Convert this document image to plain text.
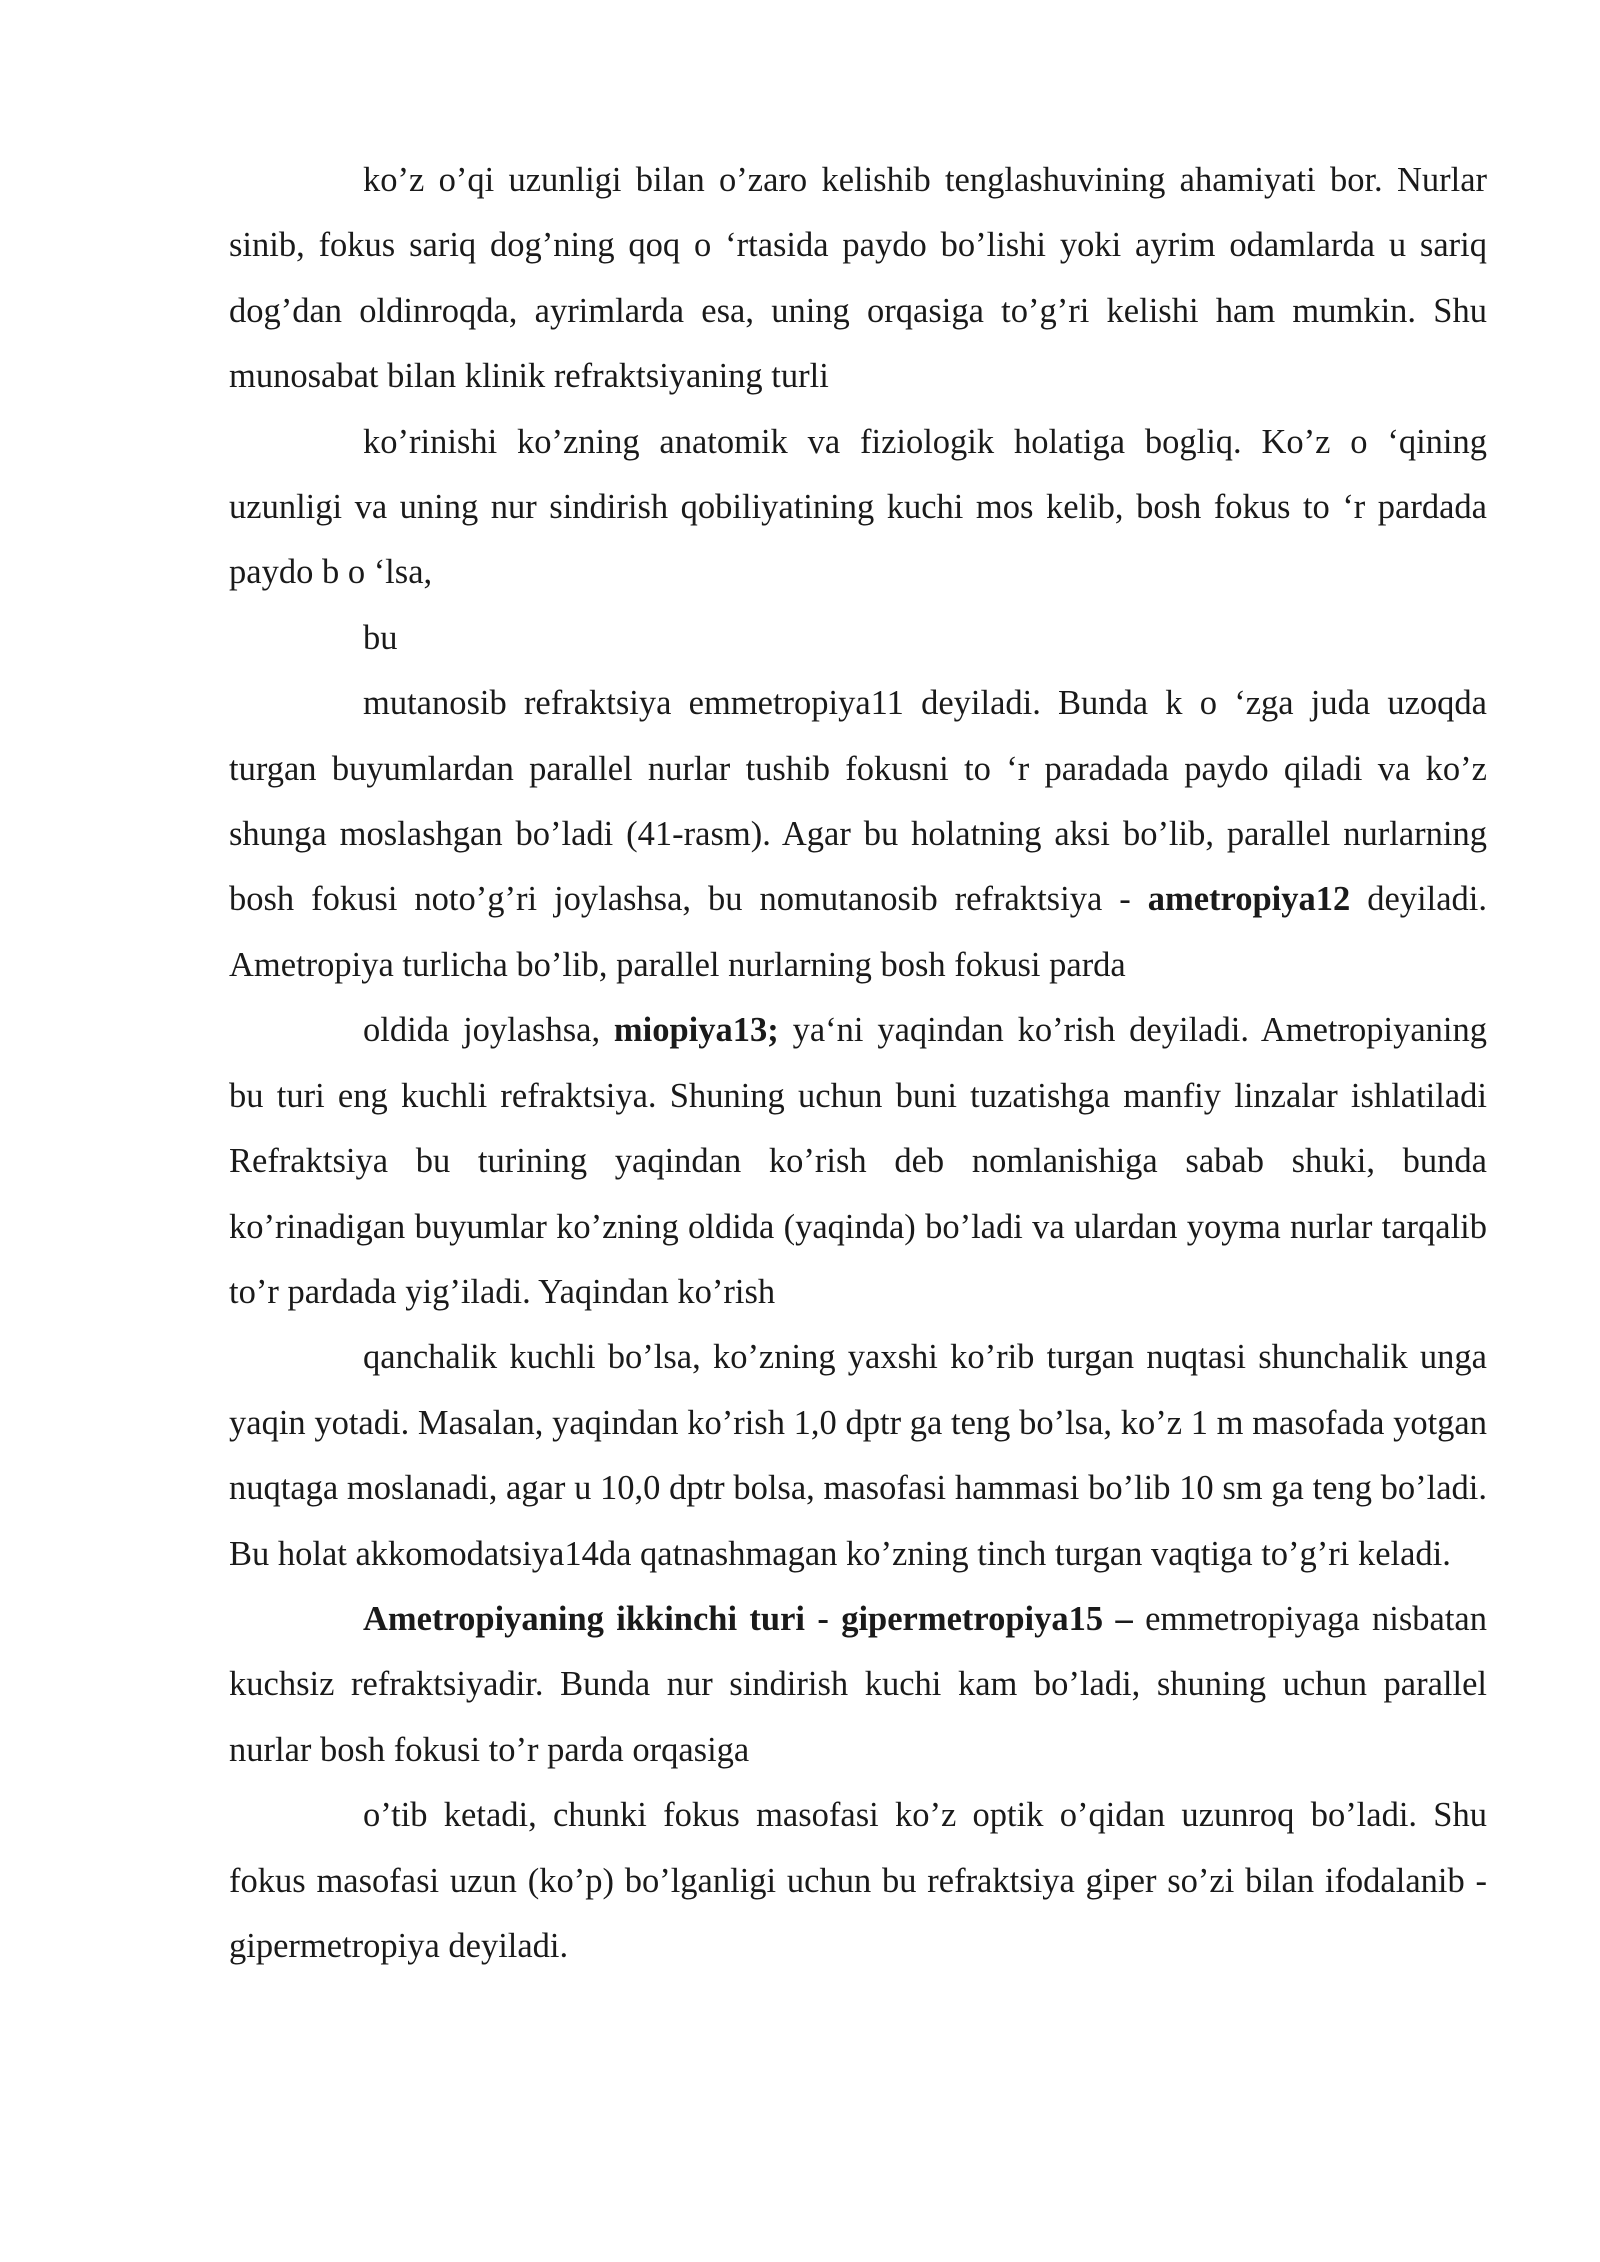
ko’z o’qi uzunligi bilan o’zaro kelishib tenglashuvining ahamiyati bor. Nurlar sinib, fokus sariq dog’ning qoq o ‘rtasida paydo bo’lishi yoki ayrim odamlarda u sariq dog’dan oldinroqda, ayrimlarda esa, uning orqasiga to’g’ri kelishi ham mumkin. Shu munosabat bilan klinik refraktsiyaning turli

ko’rinishi ko’zning anatomik va fiziologik holatiga bogliq. Ko’z o ‘qining uzunligi va uning nur sindirish qobiliyatining kuchi mos kelib, bosh fokus to ‘r pardada paydo b o ‘lsa,

bu

mutanosib refraktsiya emmetropiya11 deyiladi. Bunda k o ‘zga juda uzoqda turgan buyumlardan parallel nurlar tushib fokusni to ‘r paradada paydo qiladi va ko’z shunga moslashgan bo’ladi (41-rasm). Agar bu holatning aksi bo’lib, parallel nurlarning bosh fokusi noto’g’ri joylashsa, bu nomutanosib refraktsiya - ametropiya12 deyiladi. Ametropiya turlicha bo’lib, parallel nurlarning bosh fokusi parda

oldida joylashsa, miopiya13; ya‘ni yaqindan ko’rish deyiladi. Ametropiyaning bu turi eng kuchli refraktsiya. Shuning uchun buni tuzatishga manfiy linzalar ishlatiladi Refraktsiya bu turining yaqindan ko’rish deb nomlanishiga sabab shuki, bunda ko’rinadigan buyumlar ko’zning oldida (yaqinda) bo’ladi va ulardan yoyma nurlar tarqalib to’r pardada yig’iladi. Yaqindan ko’rish

qanchalik kuchli bo’lsa, ko’zning yaxshi ko’rib turgan nuqtasi shunchalik unga yaqin yotadi. Masalan, yaqindan ko’rish 1,0 dptr ga teng bo’lsa, ko’z 1 m masofada yotgan nuqtaga moslanadi, agar u 10,0 dptr bolsa, masofasi hammasi bo’lib 10 sm ga teng bo’ladi. Bu holat akkomodatsiya14da qatnashmagan ko’zning tinch turgan vaqtiga to’g’ri keladi.

Ametropiyaning ikkinchi turi - gipermetropiya15 – emmetropiyaga nisbatan kuchsiz refraktsiyadir. Bunda nur sindirish kuchi kam bo’ladi, shuning uchun parallel nurlar bosh fokusi to’r parda orqasiga

o’tib ketadi, chunki fokus masofasi ko’z optik o’qidan uzunroq bo’ladi. Shu fokus masofasi uzun (ko’p) bo’lganligi uchun bu refraktsiya giper so’zi bilan ifodalanib - gipermetropiya deyiladi.
